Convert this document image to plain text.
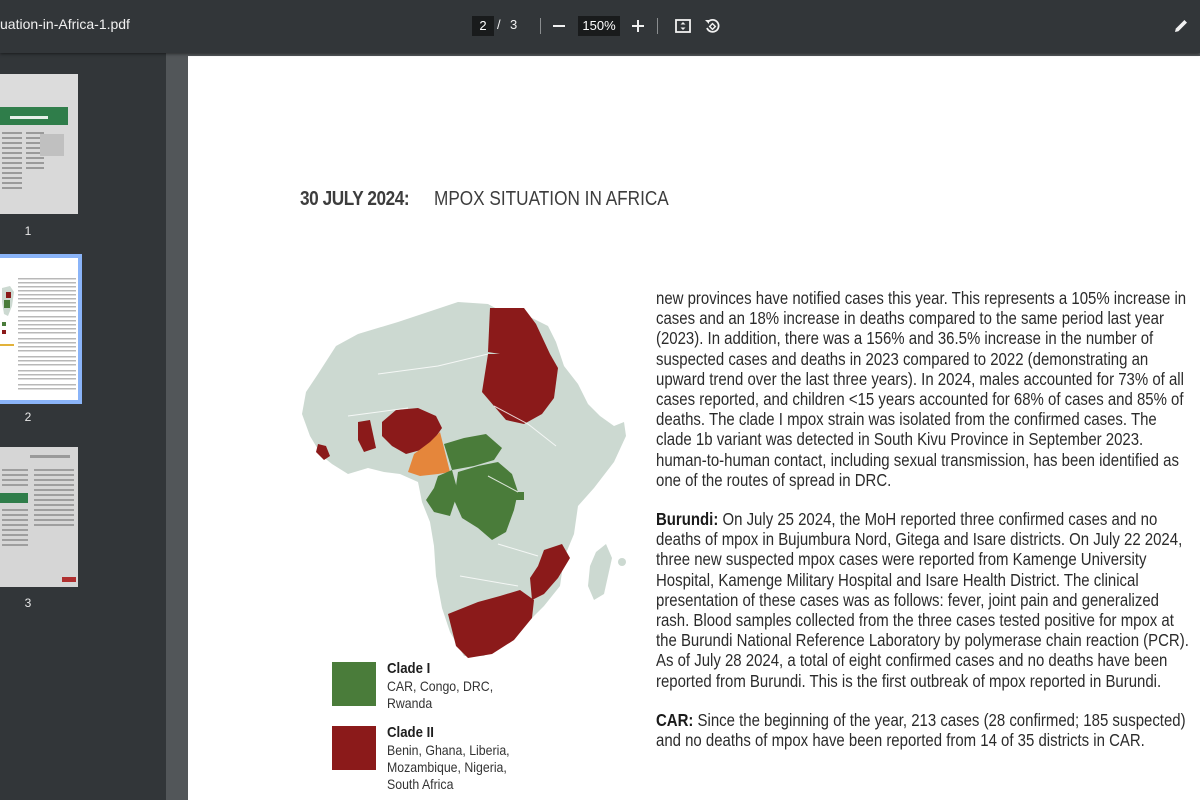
uation-in-Africa-1.pdf	2 / 3	150%
1
2
3
30 JULY 2024: MPOX SITUATION IN AFRICA
Clade I
CAR, Congo, DRC, Rwanda
Clade II
Benin, Ghana, Liberia, Mozambique, Nigeria, South Africa

new provinces have notified cases this year. This represents a 105% increase in cases and an 18% increase in deaths compared to the same period last year (2023). In addition, there was a 156% and 36.5% increase in the number of suspected cases and deaths in 2023 compared to 2022 (demonstrating an upward trend over the last three years). In 2024, males accounted for 73% of all cases reported, and children <15 years accounted for 68% of cases and 85% of deaths. The clade I mpox strain was isolated from the confirmed cases. The clade 1b variant was detected in South Kivu Province in September 2023. human-to-human contact, including sexual transmission, has been identified as one of the routes of spread in DRC.

Burundi: On July 25 2024, the MoH reported three confirmed cases and no deaths of mpox in Bujumbura Nord, Gitega and Isare districts. On July 22 2024, three new suspected mpox cases were reported from Kamenge University Hospital, Kamenge Military Hospital and Isare Health District. The clinical presentation of these cases was as follows: fever, joint pain and generalized rash. Blood samples collected from the three cases tested positive for mpox at the Burundi National Reference Laboratory by polymerase chain reaction (PCR). As of July 28 2024, a total of eight confirmed cases and no deaths have been reported from Burundi. This is the first outbreak of mpox reported in Burundi.

CAR: Since the beginning of the year, 213 cases (28 confirmed; 185 suspected) and no deaths of mpox have been reported from 14 of 35 districts in CAR.
